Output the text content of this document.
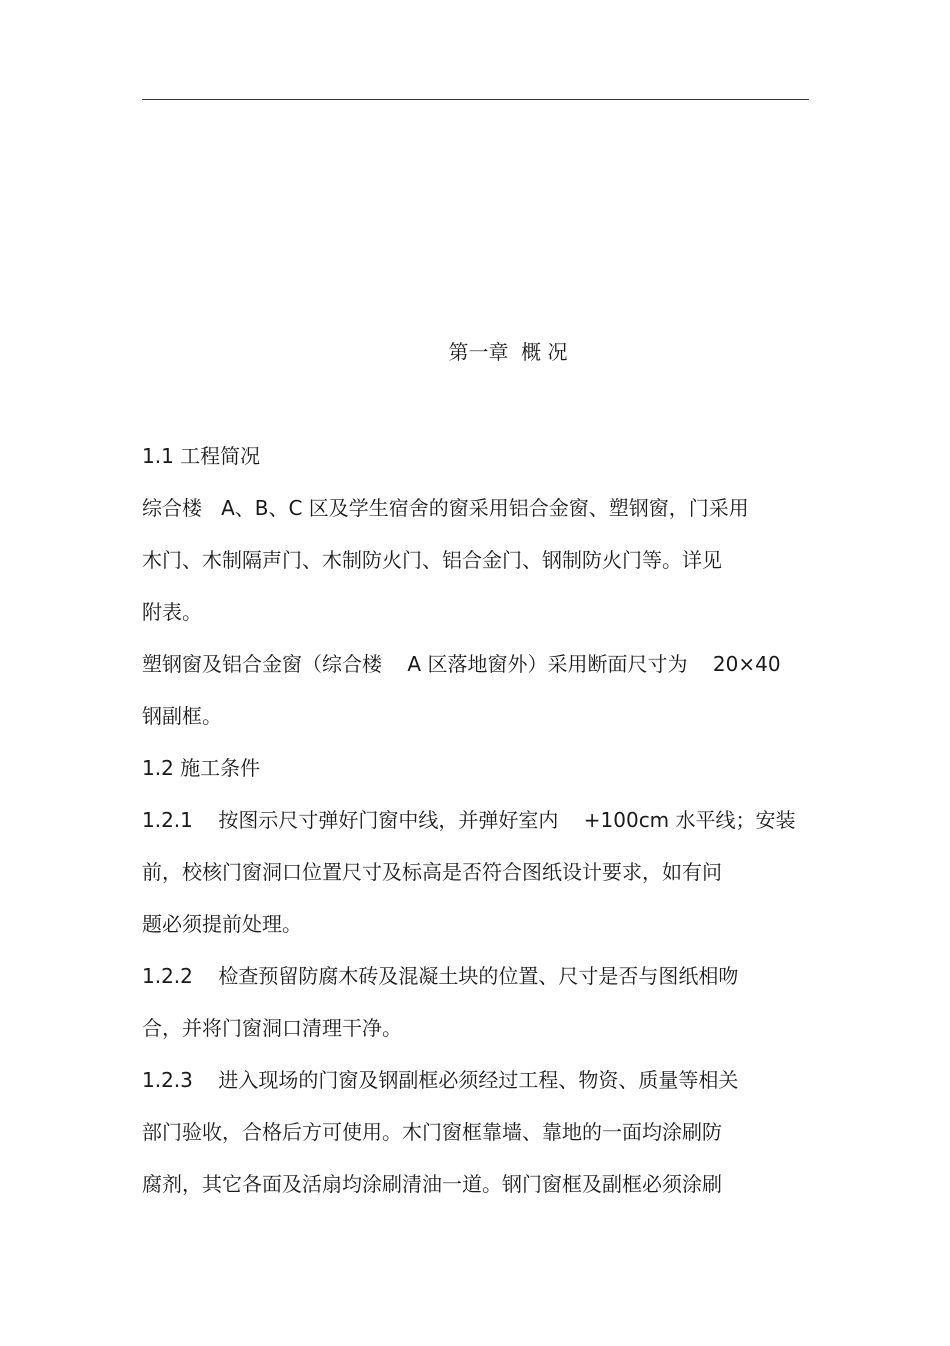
第一章  概 况
1.1 工程简况
综合楼   A、B、C 区及学生宿舍的窗采用铝合金窗、塑钢窗，门采用
木门、木制隔声门、木制防火门、铝合金门、钢制防火门等。详见
附表。
塑钢窗及铝合金窗（综合楼    A 区落地窗外）采用断面尺寸为    20×40
钢副框。
1.2 施工条件
1.2.1 按图示尺寸弹好门窗中线，并弹好室内    +100cm 水平线；安装
前，校核门窗洞口位置尺寸及标高是否符合图纸设计要求，如有问
题必须提前处理。
1.2.2 检查预留防腐木砖及混凝土块的位置、尺寸是否与图纸相吻
合，并将门窗洞口清理干净。
1.2.3 进入现场的门窗及钢副框必须经过工程、物资、质量等相关
部门验收，合格后方可使用。木门窗框靠墙、靠地的一面均涂刷防
腐剂，其它各面及活扇均涂刷清油一道。钢门窗框及副框必须涂刷
